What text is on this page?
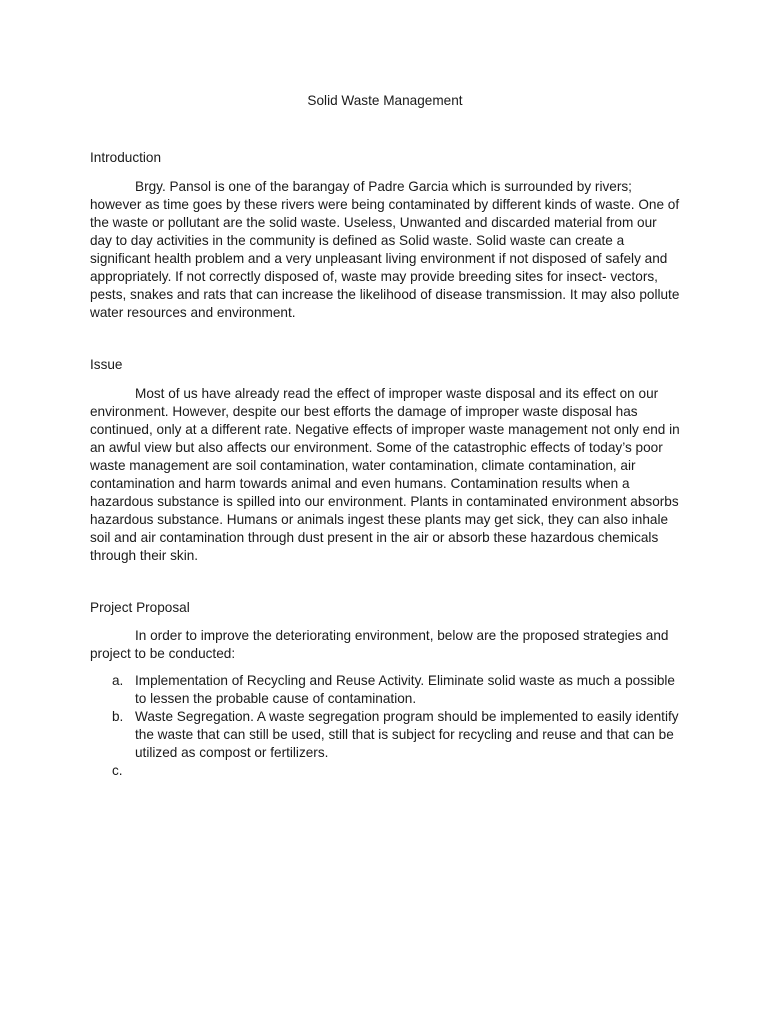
Solid Waste Management
Introduction

Brgy. Pansol is one of the barangay of Padre Garcia which is surrounded by rivers; however as time goes by these rivers were being contaminated by different kinds of waste. One of the waste or pollutant are the solid waste. Useless, Unwanted and discarded material from our day to day activities in the community is defined as Solid waste. Solid waste can create a significant health problem and a very unpleasant living environment if not disposed of safely and appropriately. If not correctly disposed of, waste may provide breeding sites for insect- vectors, pests, snakes and rats that can increase the likelihood of disease transmission. It may also pollute water resources and environment.

Issue

Most of us have already read the effect of improper waste disposal and its effect on our environment. However, despite our best efforts the damage of improper waste disposal has continued, only at a different rate. Negative effects of improper waste management not only end in an awful view but also affects our environment. Some of the catastrophic effects of today’s poor waste management are soil contamination, water contamination, climate contamination, air contamination and harm towards animal and even humans. Contamination results when a hazardous substance is spilled into our environment. Plants in contaminated environment absorbs hazardous substance. Humans or animals ingest these plants may get sick, they can also inhale soil and air contamination through dust present in the air or absorb these hazardous chemicals through their skin.

Project Proposal

In order to improve the deteriorating environment, below are the proposed strategies and project to be conducted:

a. Implementation of Recycling and Reuse Activity. Eliminate solid waste as much a possible to lessen the probable cause of contamination.
b. Waste Segregation. A waste segregation program should be implemented to easily identify the waste that can still be used, still that is subject for recycling and reuse and that can be utilized as compost or fertilizers.
c.
